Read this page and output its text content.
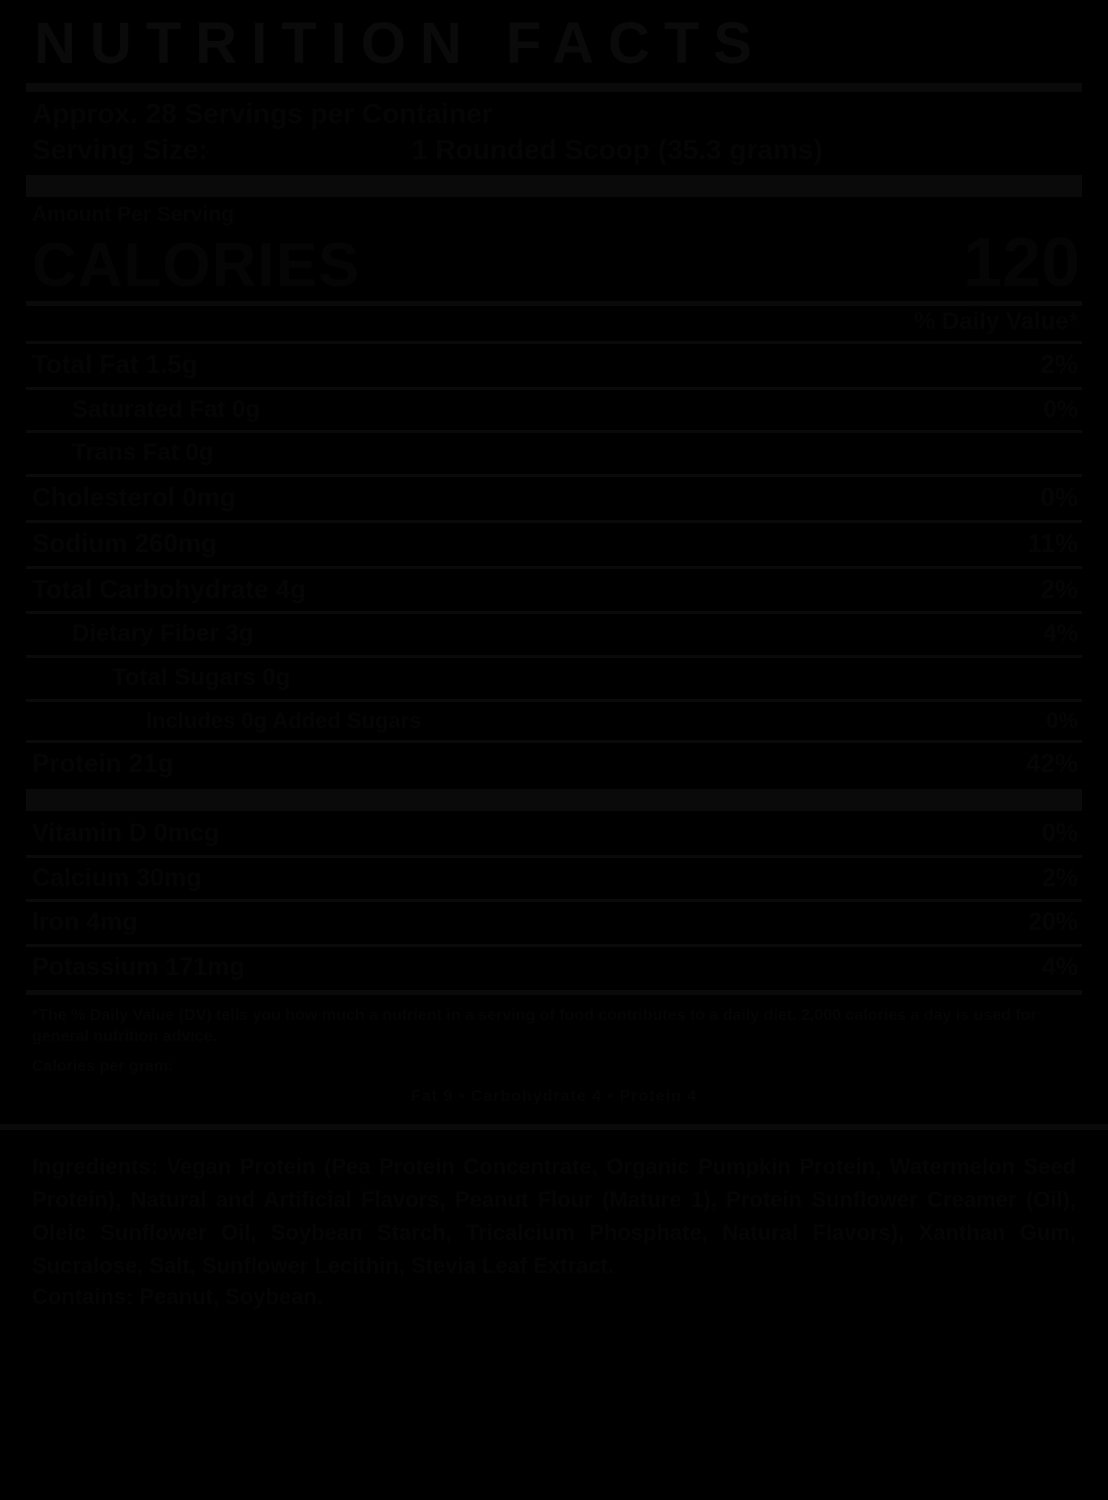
NUTRITION FACTS
Approx. 28 Servings per Container
Serving Size:	1 Rounded Scoop (35.3 grams)
Amount Per Serving
CALORIES	120
% Daily Value*
Total Fat 1.5g	2%
Saturated Fat 0g	0%
Trans Fat 0g
Cholesterol 0mg	0%
Sodium 260mg	11%
Total Carbohydrate 4g	2%
Dietary Fiber 3g	4%
Total Sugars 0g
Includes 0g Added Sugars	0%
Protein 21g	42%
Vitamin D 0mcg	0%
Calcium 30mg	2%
Iron 4mg	20%
Potassium 171mg	4%
*The % Daily Value (DV) tells you how much a nutrient in a serving of food contributes to a daily diet. 2,000 calories a day is used for general nutrition advice.
Calories per gram:
Fat 9 • Carbohydrate 4 • Protein 4
Ingredients: Vegan Protein (Pea Protein Concentrate, Organic Pumpkin Protein, Watermelon Seed Protein), Natural and Artificial Flavors, Peanut Flour (Mature 1), Protein Sunflower Creamer (Oil), Oleic Sunflower Oil, Soybean Starch, Tricalcium Phosphate, Natural Flavors), Xanthan Gum, Sucralose, Salt, Sunflower Lecithin, Stevia Leaf Extract.
Contains: Peanut, Soybean.
